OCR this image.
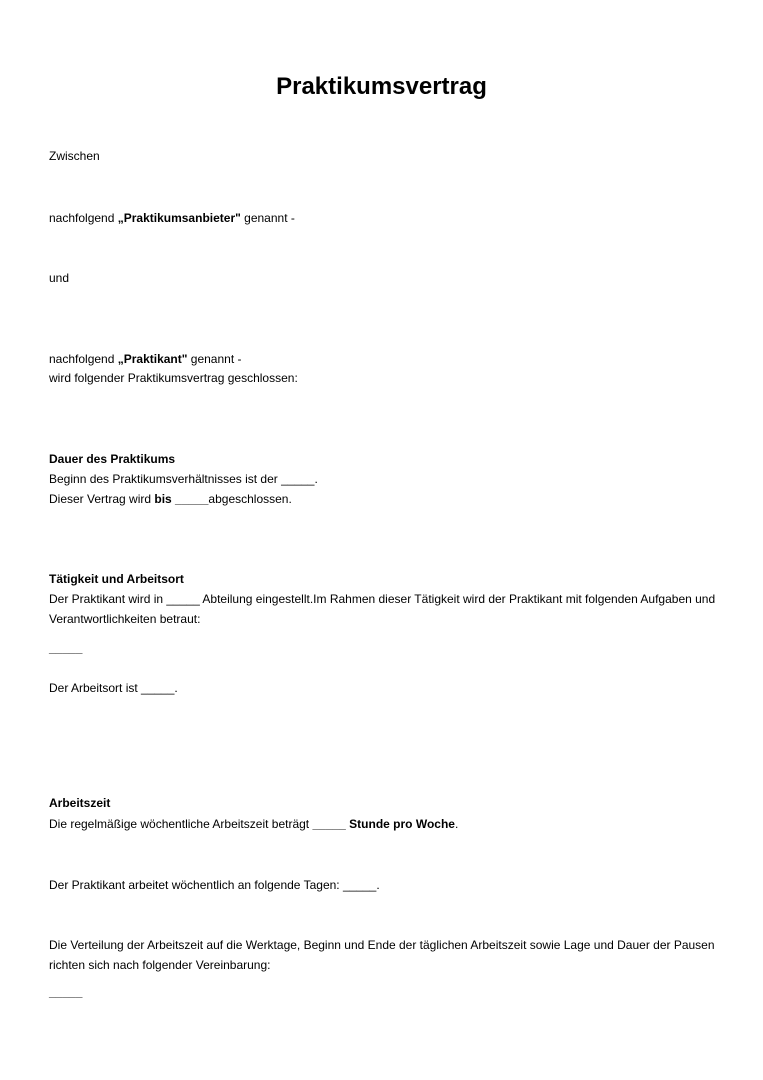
Praktikumsvertrag
Zwischen
nachfolgend „Praktikumsanbieter" genannt -
und
nachfolgend „Praktikant" genannt -
wird folgender Praktikumsvertrag geschlossen:
Dauer des Praktikums
Beginn des Praktikumsverhältnisses ist der _____.
Dieser Vertrag wird bis _____abgeschlossen.
Tätigkeit und Arbeitsort
Der Praktikant wird in _____ Abteilung eingestellt.Im Rahmen dieser Tätigkeit wird der Praktikant mit folgenden Aufgaben und Verantwortlichkeiten betraut:
_____
Der Arbeitsort ist _____.
Arbeitszeit
Die regelmäßige wöchentliche Arbeitszeit beträgt _____ Stunde pro Woche.
Der Praktikant arbeitet wöchentlich an folgende Tagen: _____.
Die Verteilung der Arbeitszeit auf die Werktage, Beginn und Ende der täglichen Arbeitszeit sowie Lage und Dauer der Pausen richten sich nach folgender Vereinbarung:
_____
